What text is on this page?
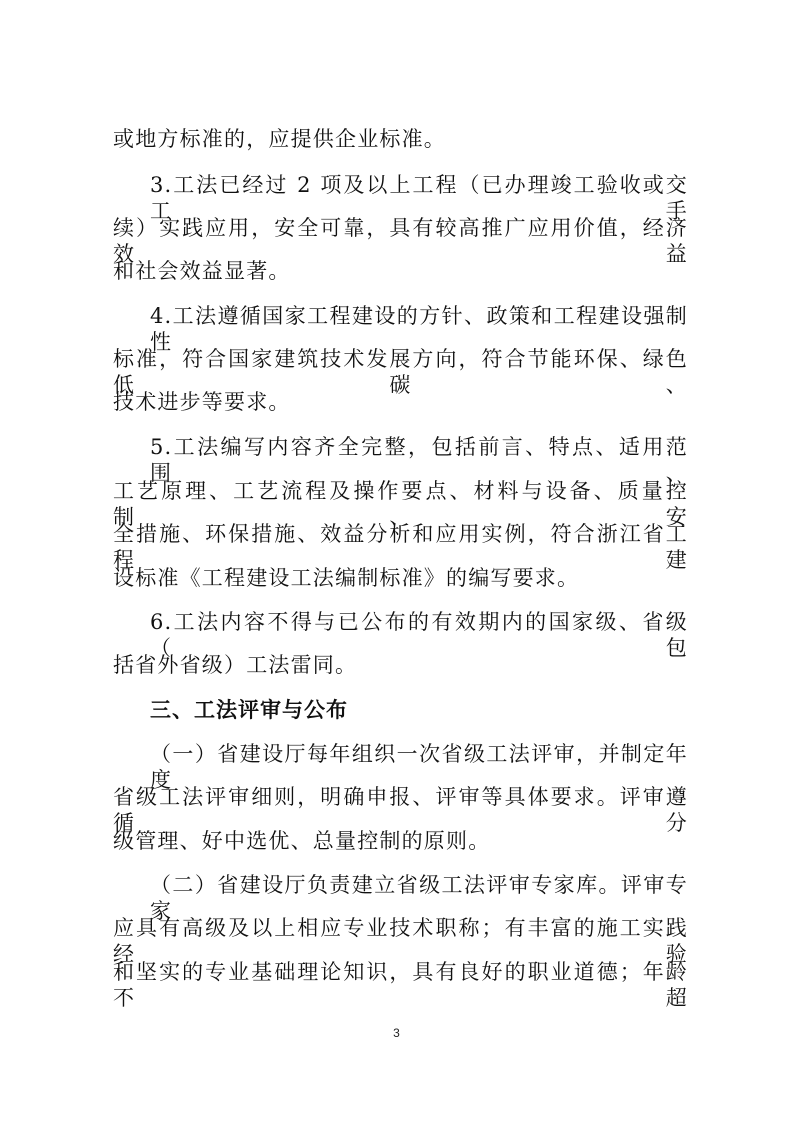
或地方标准的，应提供企业标准。
3.工法已经过 2 项及以上工程（已办理竣工验收或交工手
续）实践应用，安全可靠，具有较高推广应用价值，经济效益
和社会效益显著。
4.工法遵循国家工程建设的方针、政策和工程建设强制性
标准，符合国家建筑技术发展方向，符合节能环保、绿色低碳、
技术进步等要求。
5.工法编写内容齐全完整，包括前言、特点、适用范围、
工艺原理、工艺流程及操作要点、材料与设备、质量控制、安
全措施、环保措施、效益分析和应用实例，符合浙江省工程建
设标准《工程建设工法编制标准》的编写要求。
6.工法内容不得与已公布的有效期内的国家级、省级（包
括省外省级）工法雷同。
三、工法评审与公布
（一）省建设厅每年组织一次省级工法评审，并制定年度
省级工法评审细则，明确申报、评审等具体要求。评审遵循分
级管理、好中选优、总量控制的原则。
（二）省建设厅负责建立省级工法评审专家库。评审专家
应具有高级及以上相应专业技术职称；有丰富的施工实践经验
和坚实的专业基础理论知识，具有良好的职业道德；年龄不超
3
